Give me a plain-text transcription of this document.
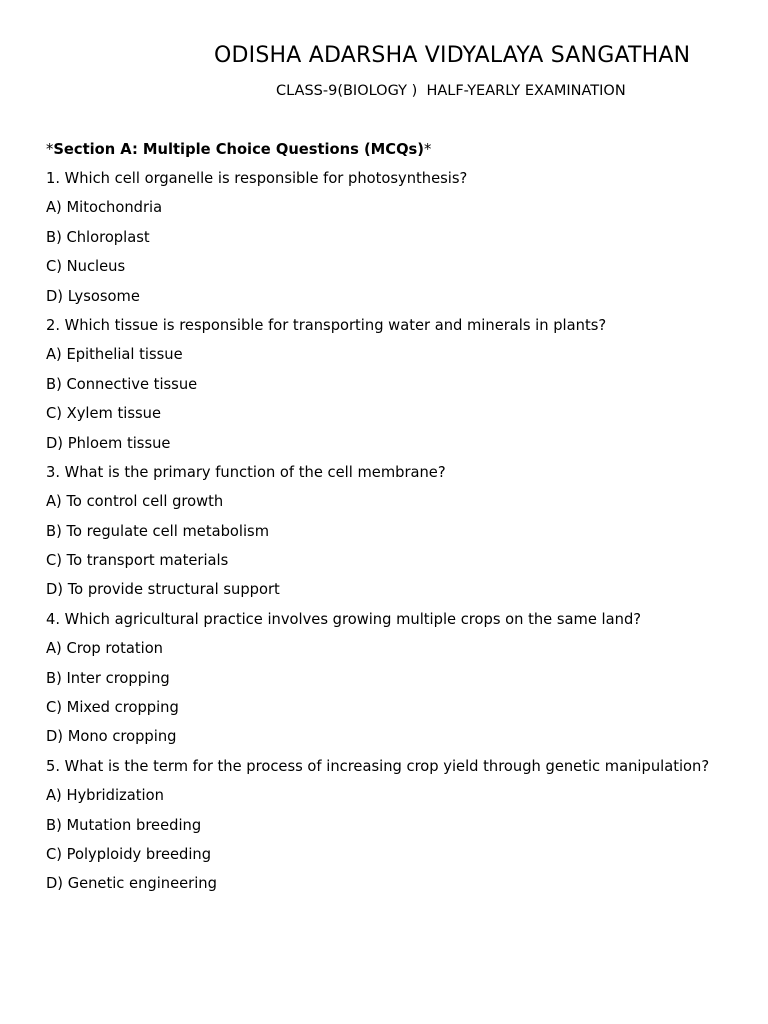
ODISHA ADARSHA VIDYALAYA SANGATHAN
CLASS-9(BIOLOGY )  HALF-YEARLY EXAMINATION
*Section A: Multiple Choice Questions (MCQs)*
1. Which cell organelle is responsible for photosynthesis?
A) Mitochondria
B) Chloroplast
C) Nucleus
D) Lysosome
2. Which tissue is responsible for transporting water and minerals in plants?
A) Epithelial tissue
B) Connective tissue
C) Xylem tissue
D) Phloem tissue
3. What is the primary function of the cell membrane?
A) To control cell growth
B) To regulate cell metabolism
C) To transport materials
D) To provide structural support
4. Which agricultural practice involves growing multiple crops on the same land?
A) Crop rotation
B) Inter cropping
C) Mixed cropping
D) Mono cropping
5. What is the term for the process of increasing crop yield through genetic manipulation?
A) Hybridization
B) Mutation breeding
C) Polyploidy breeding
D) Genetic engineering
